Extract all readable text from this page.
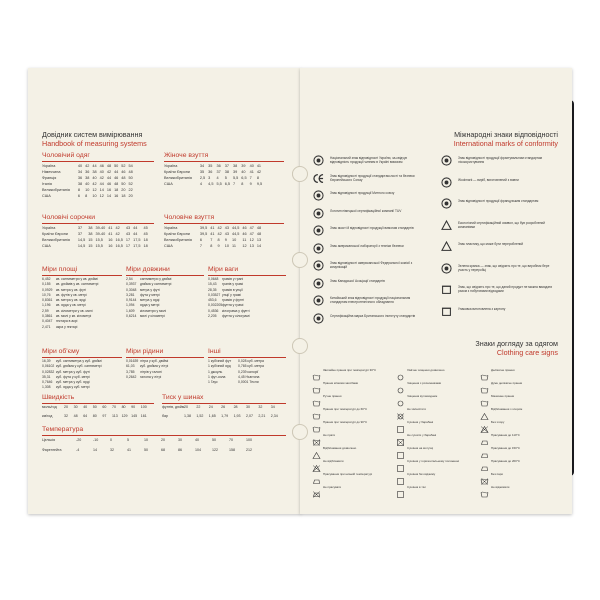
Довідник систем вимірювання
Handbook of measuring systems
Чоловічий одяг
Україна	40	42	44	46	48	50	52	54
Німеччина	34	36	38	40	42	44	46	48
Франція	36	38	40	42	44	46	48	50
Італія	38	40	42	44	46	48	50	52
Великобританія	8	10	12	14	16	18	20	22
США	6	8	10	12	14	16	18	20
Жіноче взуття
Україна	34	35	36	37	38	39	40	41
Країни Європи	35	36	37	38	39	40	41	42
Великобританія	2,5	3	4	5	5,5	6,5	7	8
США	4	4,5	5,5	6,5	7	8	9	9,5
Чоловічі сорочки
Україна	37	38	39-40	41	42	43	44	45
Країни Європи	37	38	39-40	41	42	43	44	45
Великобританія	14,5	15	15,5	16	16,5	17	17,5	18
США	14,5	15	15,5	16	16,5	17	17,5	18
Чоловіче взуття
Україна	39,5	41	42	43	44,5	46	47	48
Країни Європи	39,5	41	42	43	44,5	46	47	48
Великобританія	6	7	8	9	10	11	12	13
США	7	8	9	10	11	12	13	14
Міри площі
6,452кв. сантиметри у кв. дюймі
0,155кв. дюймів у кв. сантиметрі
0,0929кв. метра у кв. футі
10,76кв. футів у кв. метрі
0,8361кв. метра у кв. ярді
1,196кв. ярда у кв. метрі
2,59кв. кілометри у кв. милі
0,3861кв. милі у кв. кілометрі
0,4047гектара в акрі
2,471акра у гектарі
Міри довжини
2,54сантиметри у дюймі
0,3937дюйма у сантиметрі
0,3048метра у футі
3,281фута у метрі
0,9144метра у ярді
1,094ярда у метрі
1,609кілометри у милі
0,6214милі у кілометрі
Міри ваги
0,0648грамів у грані
15,43гранів у грамі
28,35грамів в унції
0,03527унції у грамі
453,6грамів у фунті
0,002205фунта у грамі
0,4536кілограма у фунті
2,205фунта у кілограмі
Міри об'єму
16,39куб. сантиметра у куб. дюймі
0,06102куб. дюйма у куб. сантиметрі
0,02832куб. метра у куб. футі
35,31куб. фута у куб. метрі
0,7646куб. метра у куб. ярді
1,308куб. ярда у куб. метрі
Міри рідини
0,01639літра у куб. дюймі
61,03куб. дюйма у літрі
3,785літрів у галоні
0,2642галона у літрі
Інші
1 кубічний фут0,028 куб. метра
1 кубічний ярд0,765 куб. метра
1 джоуль	0,239 калорії
1 фут-сила	4,45 Ньютона
1 Гаус	0,0001 Тесли
Швидкість
миль/год 20 30 40 50 60 70 80 90 100
км/год	32 48 64 80 97 113 129 145 161
Тиск у шинах
фунтів, дюйм20 22 24 26 28 30 32 34
бар	1,38 1,52 1,65 1,79 1,93 2,07 2,21 2,34
Температура
Цельсія	-20	-10	0	5	10	20	30	40	50	70	100
Фаренгейта	-4	14	32	41	50	68	86	104	122	158	212
Міжнародні знаки відповідності
International marks of conformity
Національний знак відповідності України, за-свідчує відповідність продукції чинним в Україні вимогам
Знак відповідності продукції стандартам-ності та безпеки Європейського Союзу
Знак відповідності продукції Митного союзу
Логотип німецької сертифікаційної компанії TUV
Знак якості й відповідності продукції вимогам стандартів
Знак американської лабораторії з техніки безпеки
Знак відповідності американської Федеральної комісії з комунікацій
Знак Канадської Асоціації стандартів
Китайський знак відповідності продукції національним стандартам електротехнічного обладнання
Сертифікаційна марка Британського інституту стандартів
Знак відповідності продукції фрахтувальним стандартам лісокористування
Woolmark — виріб, виготовлений з вовни
Знак відповідності продукції французьким стандартам
Екологічний сертифікаційний символ, що був розроблений компаніями
Знак пластику, що може бути перероблений
Зелена крапка — знак, що свідчить про те, що виробник бере участь у переробці
Знак, що свідчить про те, що даний продукт не можна викидати разом з побутовими відходами
Упаковка виготовлена з картону
Знаки догляду за одягом
Clothing care signs
Звичайне прання при температурі 30°C
Прання м'якими засобами
Ручне прання
Прання при температурі до 60°C
Прання при температурі до 90°C
Не прати
Відбілювання дозволено
Не відбілювати
Прасування при низькій температурі
Не прасувати
Хімічне чищення дозволено
Чищення з розчинниками
Чищення вуглеводнем
Не хімчистити
Сушіння у барабані
Не сушити у барабані
Сушіння на мотузці
Сушіння у горизонтальному положенні
Сушіння без віджиму
Сушіння в тіні
Делікатне прання
Дуже делікатне прання
Машинне прання
Відбілювання з хлором
Без хлору
Прасування до 110°C
Прасування до 150°C
Прасування до 200°C
Без пари
Не віджимати
